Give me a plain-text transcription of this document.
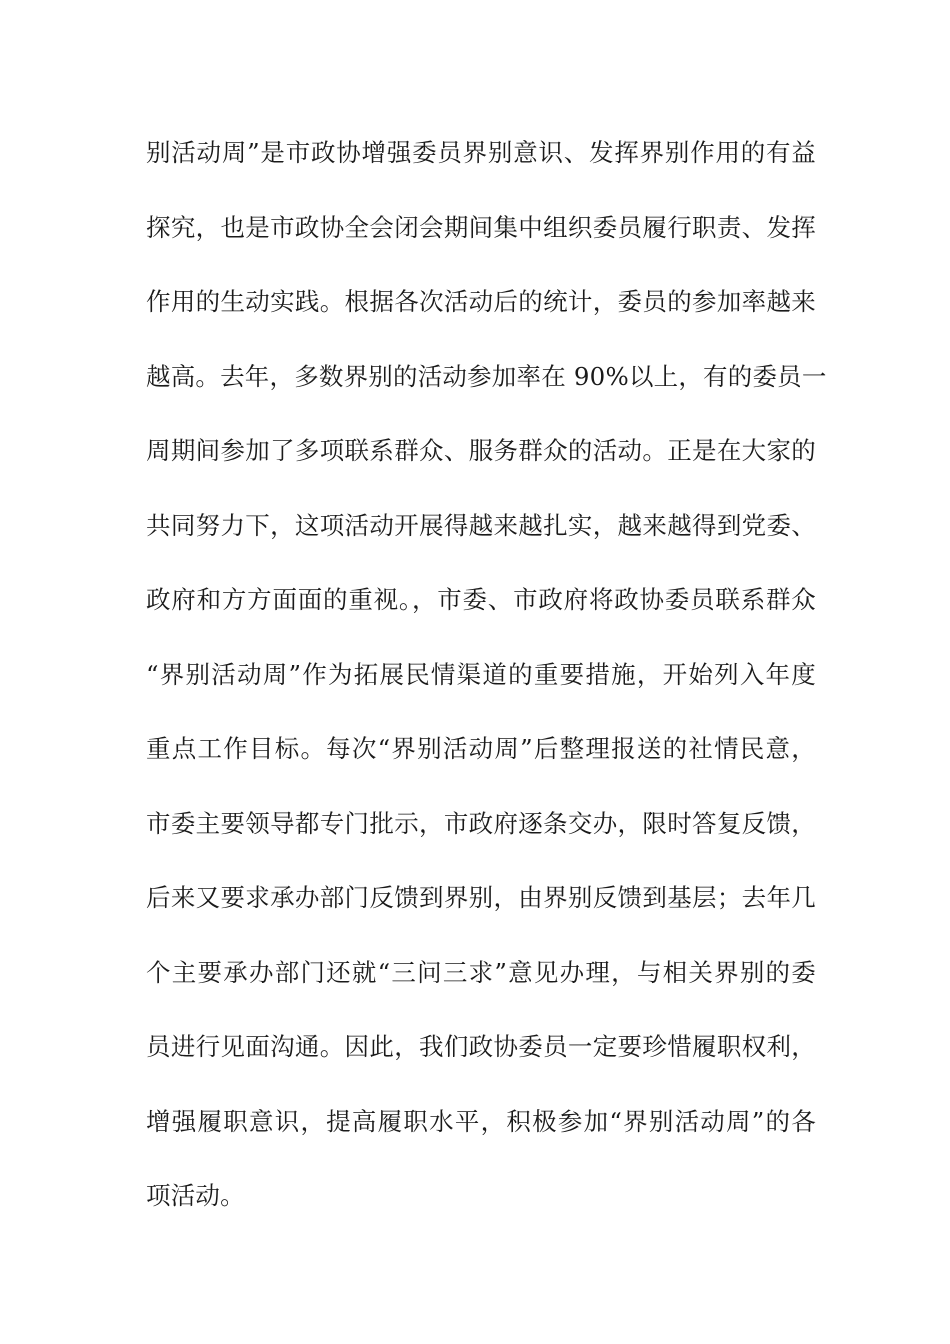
别活动周”是市政协增强委员界别意识、发挥界别作用的有益
探究，也是市政协全会闭会期间集中组织委员履行职责、发挥
作用的生动实践。根据各次活动后的统计，委员的参加率越来
越高。去年，多数界别的活动参加率在 90%以上，有的委员一
周期间参加了多项联系群众、服务群众的活动。正是在大家的
共同努力下，这项活动开展得越来越扎实，越来越得到党委、
政府和方方面面的重视。，市委、市政府将政协委员联系群众
“界别活动周”作为拓展民情渠道的重要措施，开始列入年度
重点工作目标。每次“界别活动周”后整理报送的社情民意，
市委主要领导都专门批示，市政府逐条交办，限时答复反馈，
后来又要求承办部门反馈到界别，由界别反馈到基层；去年几
个主要承办部门还就“三问三求”意见办理，与相关界别的委
员进行见面沟通。因此，我们政协委员一定要珍惜履职权利，
增强履职意识，提高履职水平，积极参加“界别活动周”的各
项活动。
